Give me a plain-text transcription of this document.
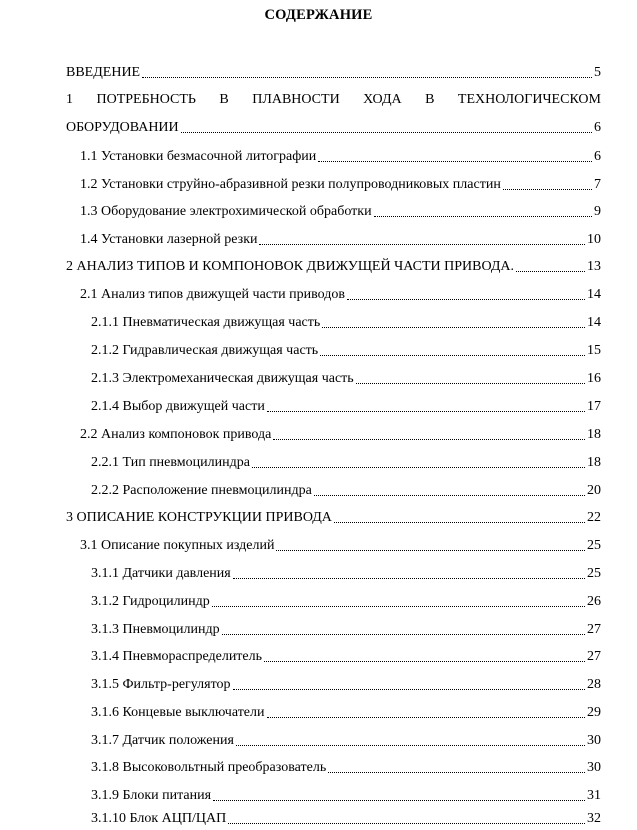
СОДЕРЖАНИЕ
ВВЕДЕНИЕ	5
1 ПОТРЕБНОСТЬ В ПЛАВНОСТИ ХОДА В ТЕХНОЛОГИЧЕСКОМ
ОБОРУДОВАНИИ	6
1.1 Установки безмасочной литографии	6
1.2 Установки струйно-абразивной резки полупроводниковых пластин	7
1.3 Оборудование электрохимической обработки	9
1.4 Установки лазерной резки	10
2 АНАЛИЗ ТИПОВ И КОМПОНОВОК ДВИЖУЩЕЙ ЧАСТИ ПРИВОДА.	13
2.1 Анализ типов движущей части приводов	14
2.1.1 Пневматическая движущая часть	14
2.1.2 Гидравлическая движущая часть	15
2.1.3 Электромеханическая движущая часть	16
2.1.4 Выбор движущей части	17
2.2 Анализ компоновок привода	18
2.2.1 Тип пневмоцилиндра	18
2.2.2 Расположение пневмоцилиндра	20
3 ОПИСАНИЕ КОНСТРУКЦИИ ПРИВОДА	22
3.1 Описание покупных изделий	25
3.1.1 Датчики давления	25
3.1.2 Гидроцилиндр	26
3.1.3 Пневмоцилиндр	27
3.1.4 Пневмораспределитель	27
3.1.5 Фильтр-регулятор	28
3.1.6 Концевые выключатели	29
3.1.7 Датчик положения	30
3.1.8 Высоковольтный преобразователь	30
3.1.9 Блоки питания	31
3.1.10 Блок АЦП/ЦАП	32
